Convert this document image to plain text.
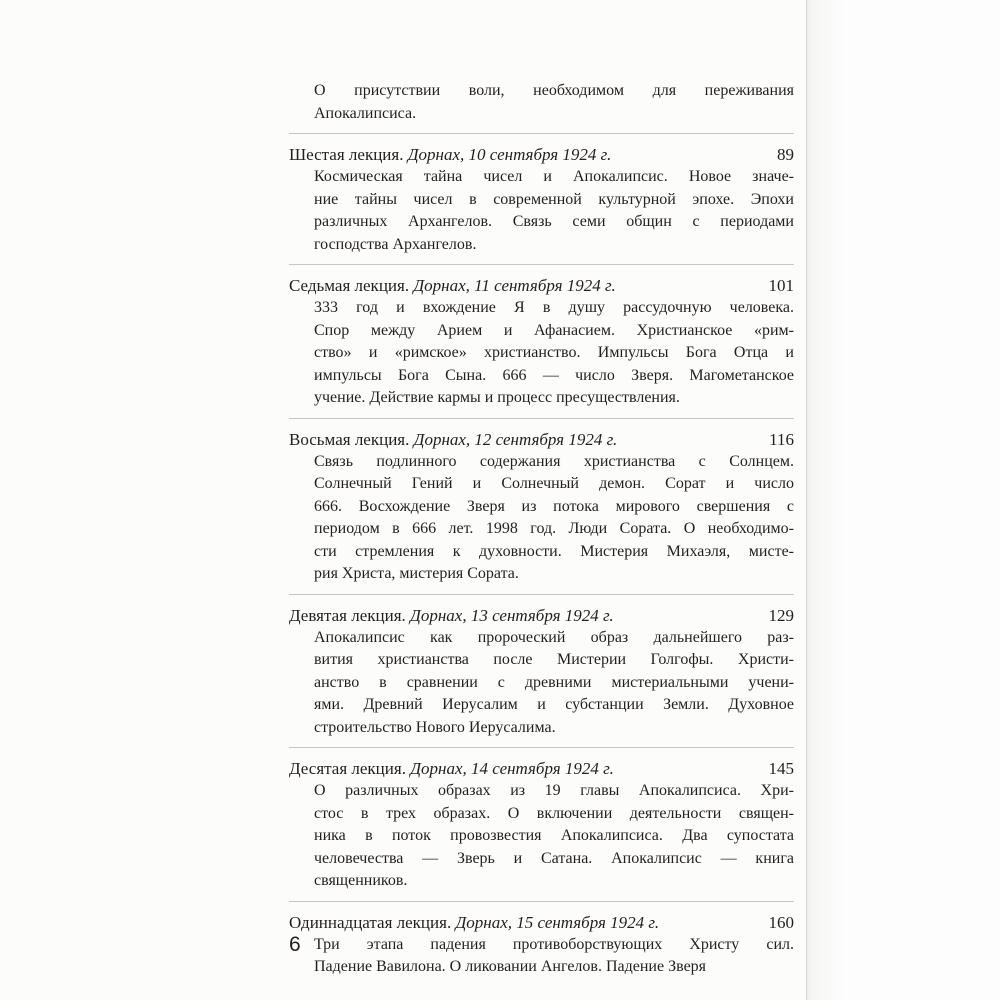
О присутствии воли, необходимом для переживания
Апокалипсиса.
Шестая лекция. Дорнах, 10 сентября 1924 г.	89
Космическая тайна чисел и Апокалипсис. Новое значе-
ние тайны чисел в современной культурной эпохе. Эпохи
различных Архангелов. Связь семи общин с периодами
господства Архангелов.
Седьмая лекция. Дорнах, 11 сентября 1924 г.	101
333 год и вхождение Я в душу рассудочную человека.
Спор между Арием и Афанасием. Христианское «рим-
ство» и «римское» христианство. Импульсы Бога Отца и
импульсы Бога Сына. 666 — число Зверя. Магометанское
учение. Действие кармы и процесс пресуществления.
Восьмая лекция. Дорнах, 12 сентября 1924 г.	116
Связь подлинного содержания христианства с Солнцем.
Солнечный Гений и Солнечный демон. Сорат и число
666. Восхождение Зверя из потока мирового свершения с
периодом в 666 лет. 1998 год. Люди Сората. О необходимо-
сти стремления к духовности. Мистерия Михаэля, мисте-
рия Христа, мистерия Сората.
Девятая лекция. Дорнах, 13 сентября 1924 г.	129
Апокалипсис как пророческий образ дальнейшего раз-
вития христианства после Мистерии Голгофы. Христи-
анство в сравнении с древними мистериальными учени-
ями. Древний Иерусалим и субстанции Земли. Духовное
строительство Нового Иерусалима.
Десятая лекция. Дорнах, 14 сентября 1924 г.	145
О различных образах из 19 главы Апокалипсиса. Хри-
стос в трех образах. О включении деятельности священ-
ника в поток провозвестия Апокалипсиса. Два супостата
человечества — Зверь и Сатана. Апокалипсис — книга
священников.
Одиннадцатая лекция. Дорнах, 15 сентября 1924 г.	160
Три этапа падения противоборствующих Христу сил.
Падение Вавилона. О ликовании Ангелов. Падение Зверя
6
